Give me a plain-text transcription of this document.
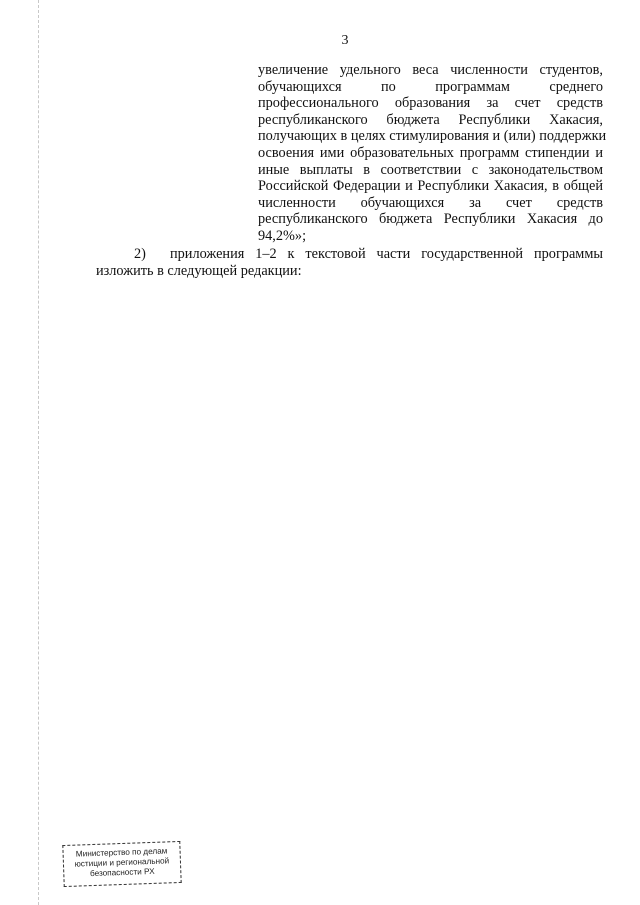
3
увеличение удельного веса численности студентов,
обучающихся по программам среднего
профессионального образования за счет средств
республиканского бюджета Республики Хакасия,
получающих в целях стимулирования и (или) поддержки
освоения ими образовательных программ стипендии и
иные выплаты в соответствии с законодательством
Российской Федерации и Республики Хакасия, в общей
численности обучающихся за счет средств
республиканского бюджета Республики Хакасия до
94,2%»;
2) приложения 1–2 к текстовой части государственной программы
изложить в следующей редакции:
Министерство по делам
юстиции и региональной
безопасности РХ
